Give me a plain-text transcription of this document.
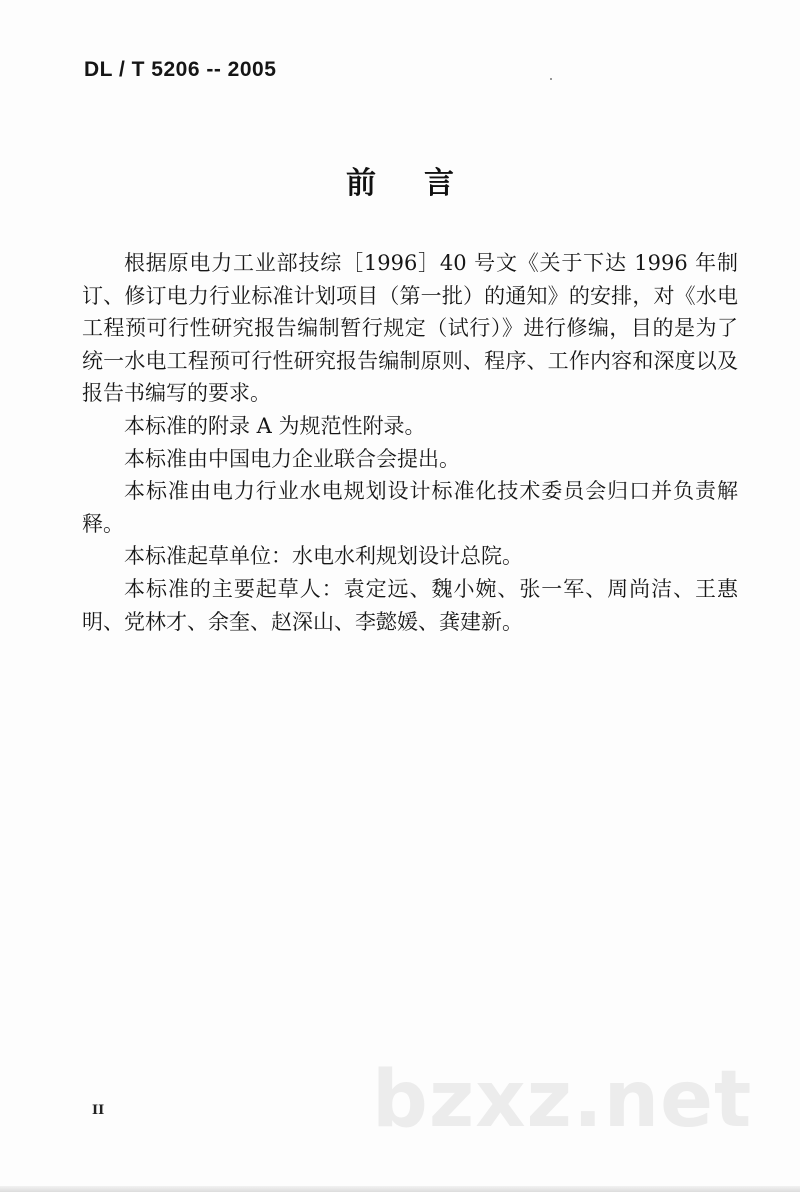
DL / T 5206 -- 2005
前 言

根据原电力工业部技综［1996］40 号文《关于下达 1996 年制订、修订电力行业标准计划项目（第一批）的通知》的安排，对《水电工程预可行性研究报告编制暂行规定（试行）》进行修编，目的是为了统一水电工程预可行性研究报告编制原则、程序、工作内容和深度以及报告书编写的要求。

本标准的附录 A 为规范性附录。

本标准由中国电力企业联合会提出。

本标准由电力行业水电规划设计标准化技术委员会归口并负责解释。

本标准起草单位：水电水利规划设计总院。

本标准的主要起草人：袁定远、魏小婉、张一军、周尚洁、王惠明、党林才、余奎、赵深山、李懿媛、龚建新。

bzxz.net
II
